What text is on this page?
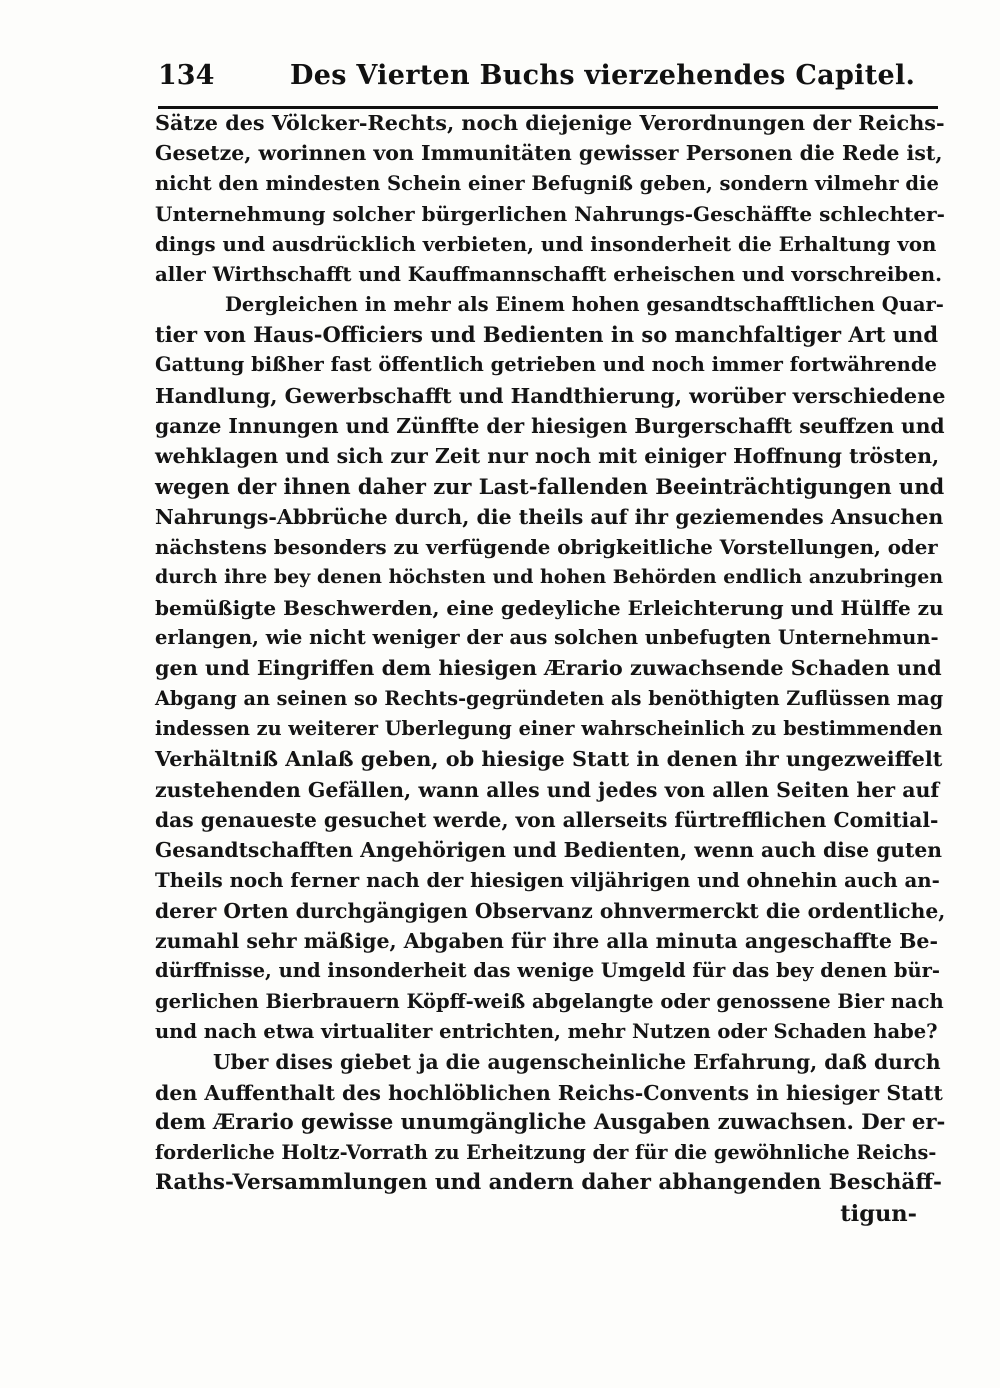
134	Des Vierten Buchs vierzehendes Capitel.
Sätze des Völcker-Rechts, noch diejenige Verordnungen der Reichs-
Gesetze, worinnen von Immunitäten gewisser Personen die Rede ist,
nicht den mindesten Schein einer Befugniß geben, sondern vilmehr die
Unternehmung solcher bürgerlichen Nahrungs-Geschäffte schlechter-
dings und ausdrücklich verbieten, und insonderheit die Erhaltung von
aller Wirthschafft und Kauffmannschafft erheischen und vorschreiben.
Dergleichen in mehr als Einem hohen gesandtschafftlichen Quar-
tier von Haus-Officiers und Bedienten in so manchfaltiger Art und
Gattung bißher fast öffentlich getrieben und noch immer fortwährende
Handlung, Gewerbschafft und Handthierung, worüber verschiedene
ganze Innungen und Zünffte der hiesigen Burgerschafft seuffzen und
wehklagen und sich zur Zeit nur noch mit einiger Hoffnung trösten,
wegen der ihnen daher zur Last-fallenden Beeinträchtigungen und
Nahrungs-Abbrüche durch, die theils auf ihr geziemendes Ansuchen
nächstens besonders zu verfügende obrigkeitliche Vorstellungen, oder
durch ihre bey denen höchsten und hohen Behörden endlich anzubringen
bemüßigte Beschwerden, eine gedeyliche Erleichterung und Hülffe zu
erlangen, wie nicht weniger der aus solchen unbefugten Unternehmun-
gen und Eingriffen dem hiesigen Ærario zuwachsende Schaden und
Abgang an seinen so Rechts-gegründeten als benöthigten Zuflüssen mag
indessen zu weiterer Uberlegung einer wahrscheinlich zu bestimmenden
Verhältniß Anlaß geben, ob hiesige Statt in denen ihr ungezweiffelt
zustehenden Gefällen, wann alles und jedes von allen Seiten her auf
das genaueste gesuchet werde, von allerseits fürtrefflichen Comitial-
Gesandtschafften Angehörigen und Bedienten, wenn auch dise guten
Theils noch ferner nach der hiesigen viljährigen und ohnehin auch an-
derer Orten durchgängigen Observanz ohnvermerckt die ordentliche,
zumahl sehr mäßige, Abgaben für ihre alla minuta angeschaffte Be-
dürffnisse, und insonderheit das wenige Umgeld für das bey denen bür-
gerlichen Bierbrauern Köpff-weiß abgelangte oder genossene Bier nach
und nach etwa virtualiter entrichten, mehr Nutzen oder Schaden habe?
Uber dises giebet ja die augenscheinliche Erfahrung, daß durch
den Auffenthalt des hochlöblichen Reichs-Convents in hiesiger Statt
dem Ærario gewisse unumgängliche Ausgaben zuwachsen. Der er-
forderliche Holtz-Vorrath zu Erheitzung der für die gewöhnliche Reichs-
Raths-Versammlungen und andern daher abhangenden Beschäff-
tigun-
